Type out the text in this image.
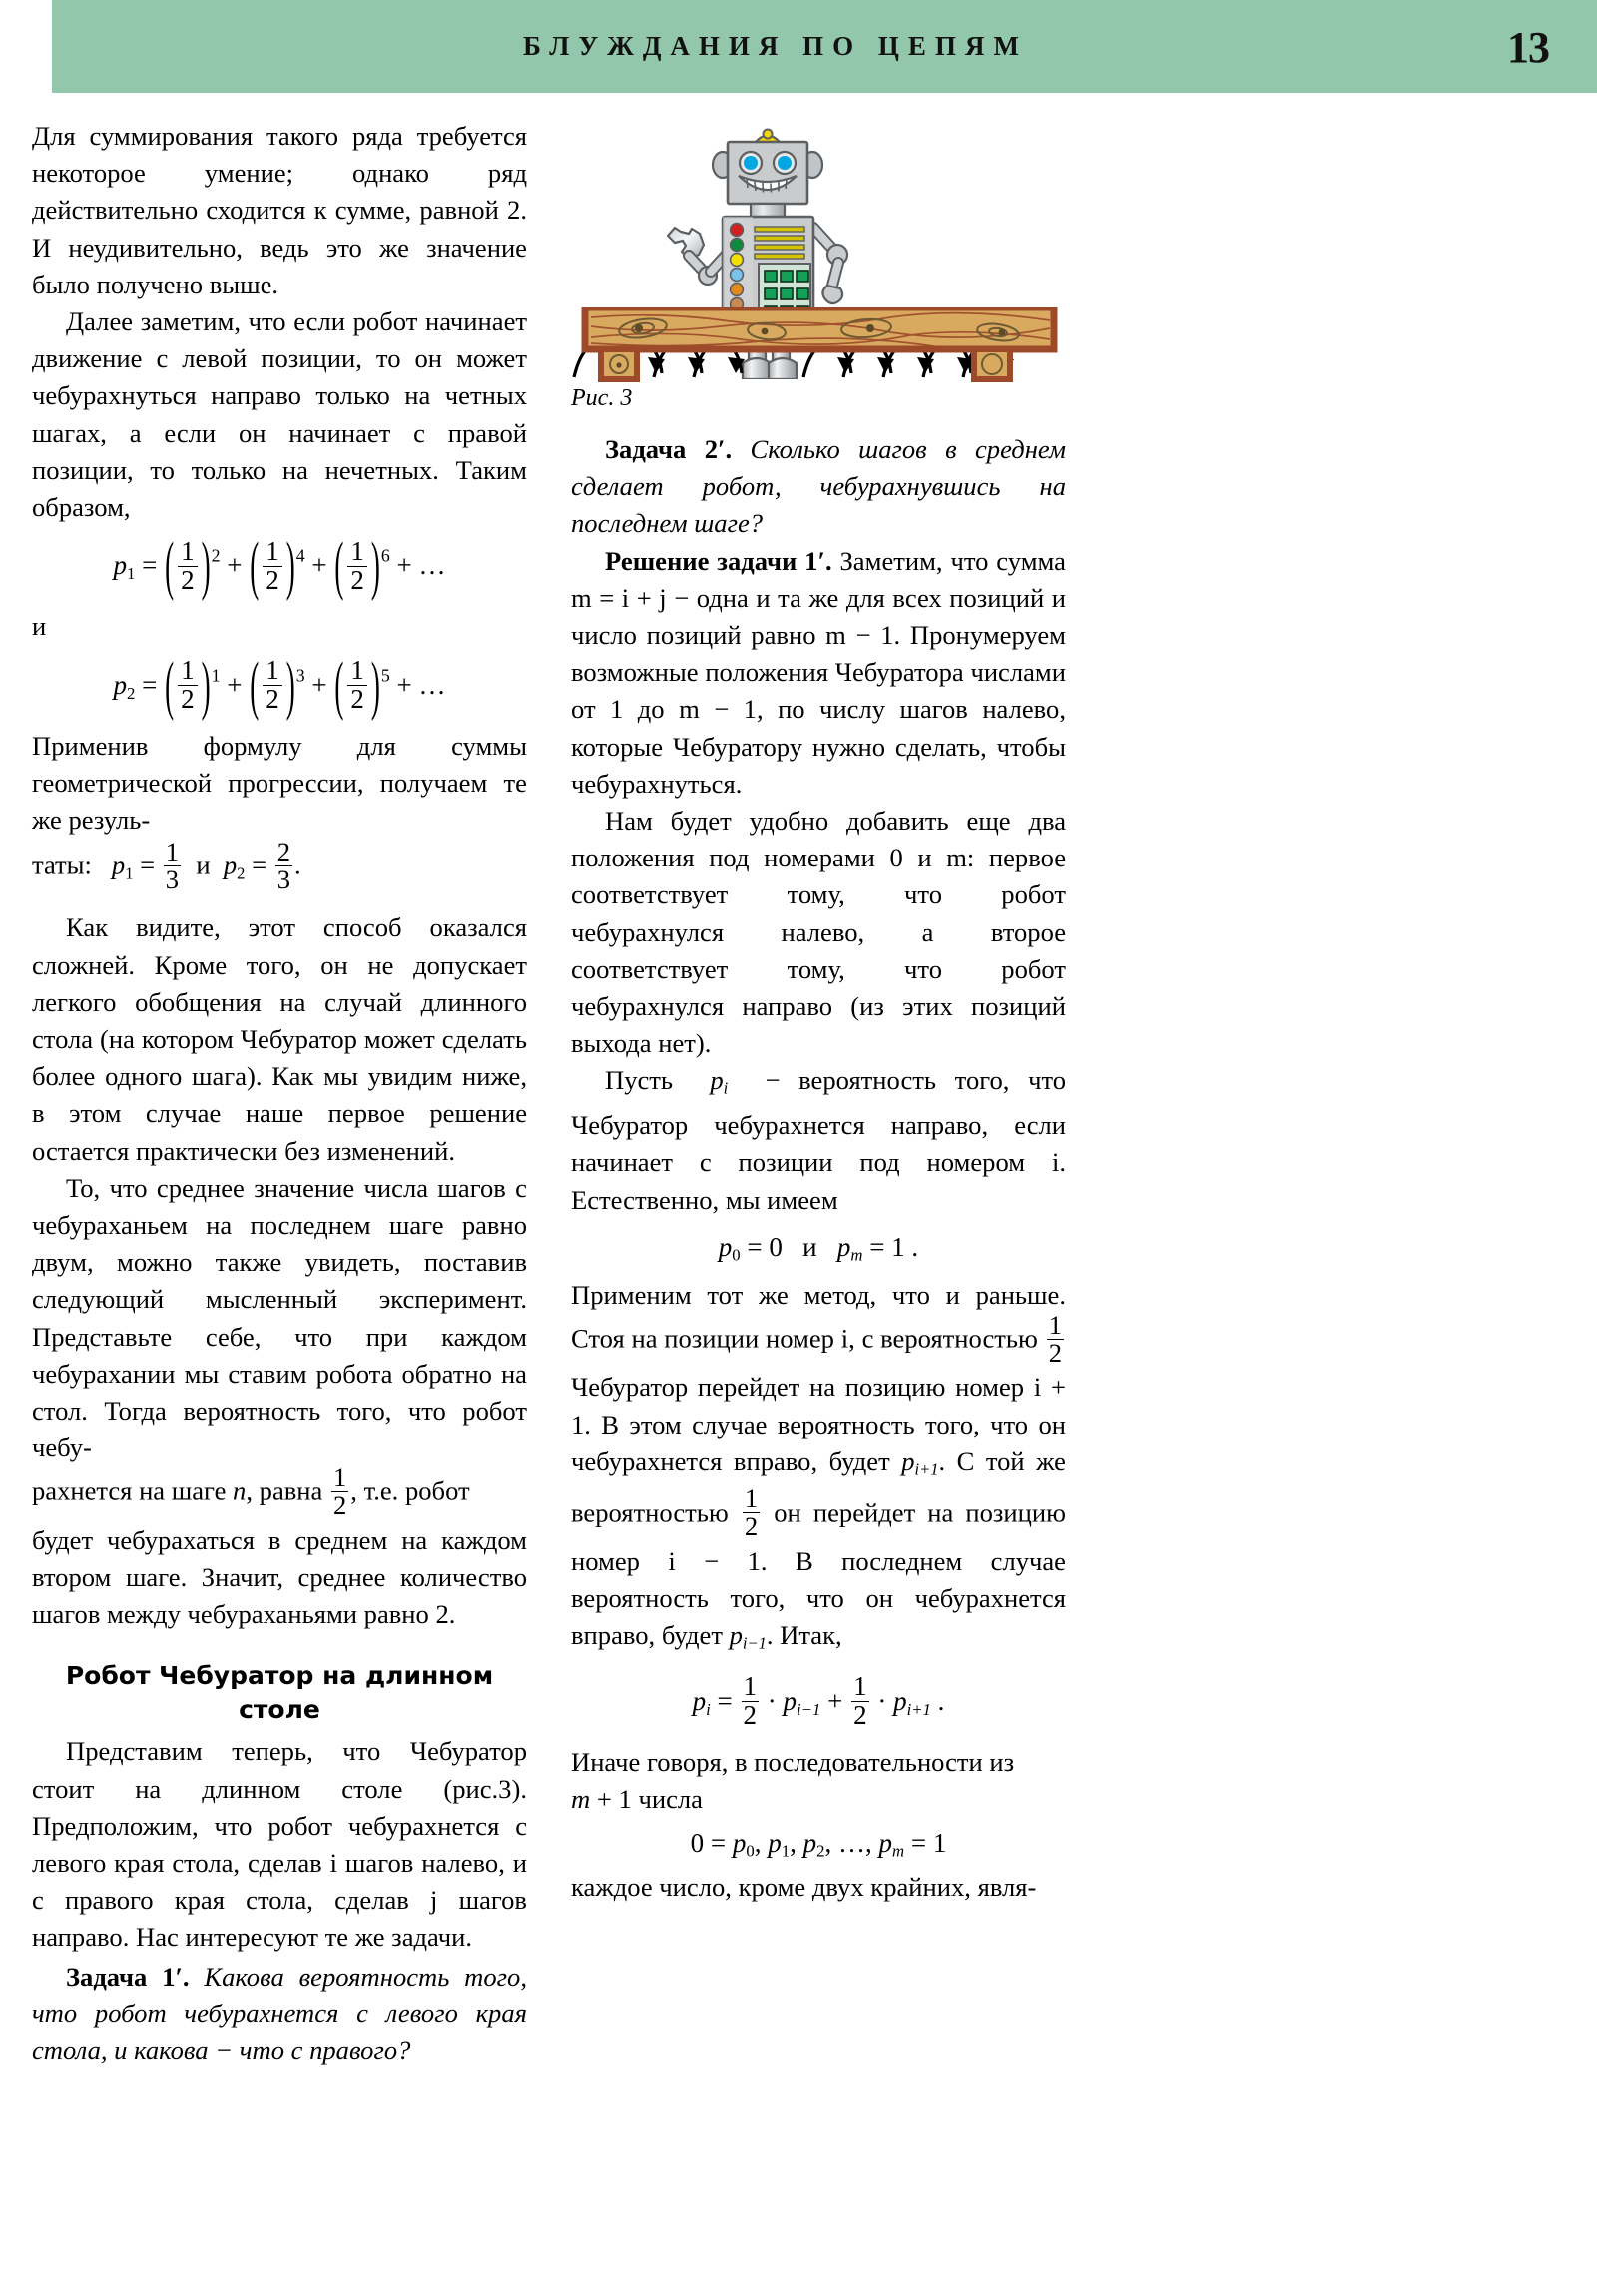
БЛУЖДАНИЯ ПО ЦЕПЯМ	13
Рис. 3

Для суммирования такого ряда требуется некоторое умение; однако ряд действительно сходится к сумме, равной 2. И неудивительно, ведь это же значение было получено выше.

Далее заметим, что если робот начинает движение с левой позиции, то он может чебурахнуться направо только на четных шагах, а если он начинает с правой позиции, то только на нечетных. Таким образом,

$p_1$ = ( $\frac{1}{2} )^2$ + ( $\frac{1}{2} )^4$ + ( $\frac{1}{2} )^6$ + …

и

$p_2$ = ( $\frac{1}{2} )^1$ + ( $\frac{1}{2} )^3$ + ( $\frac{1}{2} )^5$ + …

Применив формулу для суммы геометрической прогрессии, получаем те же резуль-

таты: $p_1 = \frac{1}{3}$ и $p_2 = \frac{2}{3}$ .

Как видите, этот способ оказался сложней. Кроме того, он не допускает легкого обобщения на случай длинного стола (на котором Чебуратор может сделать более одного шага). Как мы увидим ниже, в этом случае наше первое решение остается практически без изменений.

То, что среднее значение числа шагов с чебураханьем на последнем шаге равно двум, можно также увидеть, поставив следующий мысленный эксперимент. Представьте себе, что при каждом чебурахании мы ставим робота обратно на стол. Тогда вероятность того, что робот чебу-

рахнется на шаге n, равна $\frac{1}{2}$ , т.е. робот

будет чебурахаться в среднем на каждом втором шаге. Значит, среднее количество шагов между чебураханьями равно 2.

Робот Чебуратор на длинном столе

Представим теперь, что Чебуратор стоит на длинном столе (рис.3). Предположим, что робот чебурахнется с левого края стола, сделав i шагов налево, и с правого края стола, сделав j шагов направо. Нас интересуют те же задачи.

Задача 1′. Какова вероятность того, что робот чебурахнется с левого края стола, и какова − что с правого?

Задача 2′. Сколько шагов в среднем сделает робот, чебурахнувшись на последнем шаге?

Решение задачи 1′. Заметим, что сумма m = i + j − одна и та же для всех позиций и число позиций равно m − 1. Пронумеруем возможные положения Чебуратора числами от 1 до m − 1, по числу шагов налево, которые Чебуратору нужно сделать, чтобы чебурахнуться.

Нам будет удобно добавить еще два положения под номерами 0 и m: первое соответствует тому, что робот чебурахнулся налево, а второе соответствует тому, что робот чебурахнулся направо (из этих позиций выхода нет).

Пусть $p_i$ − вероятность того, что Чебуратор чебурахнется направо, если начинает с позиции под номером i. Естественно, мы имеем

$p_0 = 0$ и $p_m = 1$ .

Применим тот же метод, что и раньше. Стоя на позиции номер i, с вероятностью $\frac{1}{2}$
Чебуратор перейдет на позицию номер i + 1. В этом случае вероятность того, что он чебурахнется вправо, будет $p_{i+1}$. С той же вероятностью $\frac{1}{2}$ он перейдет на позицию номер i − 1. В последнем случае вероятность того, что он чебурахнется вправо, будет $p_{i-1}$. Итак,

$p_i = \frac{1}{2} \cdot p_{i-1} + \frac{1}{2} \cdot p_{i+1}$ .

Иначе говоря, в последовательности из
m + 1 числа

$0 = p_0$, $p_1$, $p_2$, …, $p_m = 1$

каждое число, кроме двух крайних, явля-
